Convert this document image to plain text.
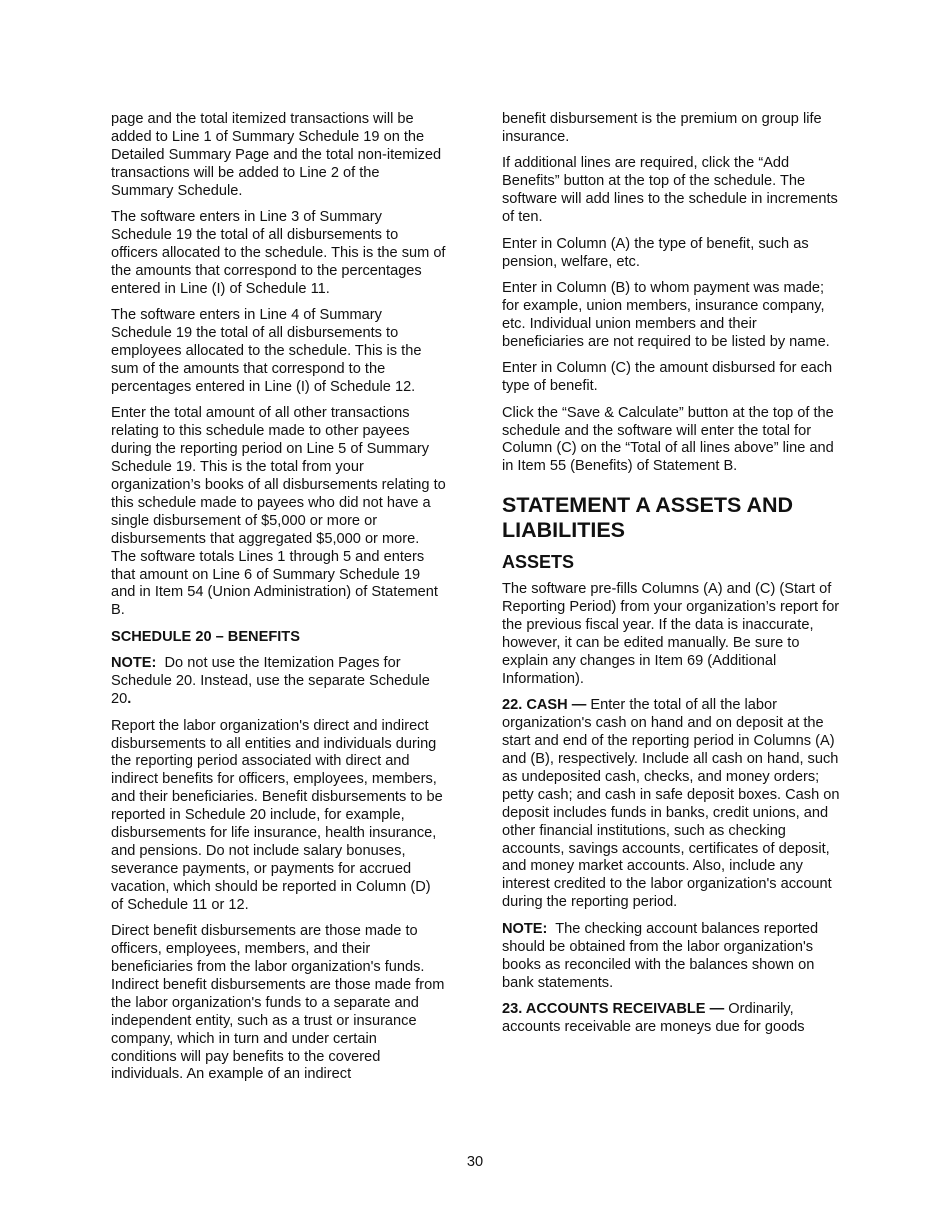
page and the total itemized transactions will be added to Line 1 of Summary Schedule 19 on the Detailed Summary Page and the total non-itemized transactions will be added to Line 2 of the Summary Schedule.

The software enters in Line 3 of Summary Schedule 19 the total of all disbursements to officers allocated to the schedule. This is the sum of the amounts that correspond to the percentages entered in Line (I) of Schedule 11.

The software enters in Line 4 of Summary Schedule 19 the total of all disbursements to employees allocated to the schedule. This is the sum of the amounts that correspond to the percentages entered in Line (I) of Schedule 12.

Enter the total amount of all other transactions relating to this schedule made to other payees during the reporting period on Line 5 of Summary Schedule 19. This is the total from your organization’s books of all disbursements relating to this schedule made to payees who did not have a single disbursement of $5,000 or more or disbursements that aggregated $5,000 or more. The software totals Lines 1 through 5 and enters that amount on Line 6 of Summary Schedule 19 and in Item 54 (Union Administration) of Statement B.

SCHEDULE 20 – BENEFITS

NOTE: Do not use the Itemization Pages for Schedule 20. Instead, use the separate Schedule 20.

Report the labor organization's direct and indirect disbursements to all entities and individuals during the reporting period associated with direct and indirect benefits for officers, employees, members, and their beneficiaries. Benefit disbursements to be reported in Schedule 20 include, for example, disbursements for life insurance, health insurance, and pensions. Do not include salary bonuses, severance payments, or payments for accrued vacation, which should be reported in Column (D) of Schedule 11 or 12.

Direct benefit disbursements are those made to officers, employees, members, and their beneficiaries from the labor organization's funds. Indirect benefit disbursements are those made from the labor organization's funds to a separate and independent entity, such as a trust or insurance company, which in turn and under certain conditions will pay benefits to the covered individuals. An example of an indirect

benefit disbursement is the premium on group life insurance.

If additional lines are required, click the “Add Benefits” button at the top of the schedule. The software will add lines to the schedule in increments of ten.

Enter in Column (A) the type of benefit, such as pension, welfare, etc.

Enter in Column (B) to whom payment was made; for example, union members, insurance company, etc. Individual union members and their beneficiaries are not required to be listed by name.

Enter in Column (C) the amount disbursed for each type of benefit.

Click the “Save & Calculate” button at the top of the schedule and the software will enter the total for Column (C) on the “Total of all lines above” line and in Item 55 (Benefits) of Statement B.

STATEMENT A ASSETS AND LIABILITIES
ASSETS

The software pre-fills Columns (A) and (C) (Start of Reporting Period) from your organization’s report for the previous fiscal year. If the data is inaccurate, however, it can be edited manually. Be sure to explain any changes in Item 69 (Additional Information).

22. CASH — Enter the total of all the labor organization's cash on hand and on deposit at the start and end of the reporting period in Columns (A) and (B), respectively. Include all cash on hand, such as undeposited cash, checks, and money orders; petty cash; and cash in safe deposit boxes. Cash on deposit includes funds in banks, credit unions, and other financial institutions, such as checking accounts, savings accounts, certificates of deposit, and money market accounts. Also, include any interest credited to the labor organization's account during the reporting period.

NOTE: The checking account balances reported should be obtained from the labor organization's books as reconciled with the balances shown on bank statements.

23. ACCOUNTS RECEIVABLE — Ordinarily, accounts receivable are moneys due for goods

30
